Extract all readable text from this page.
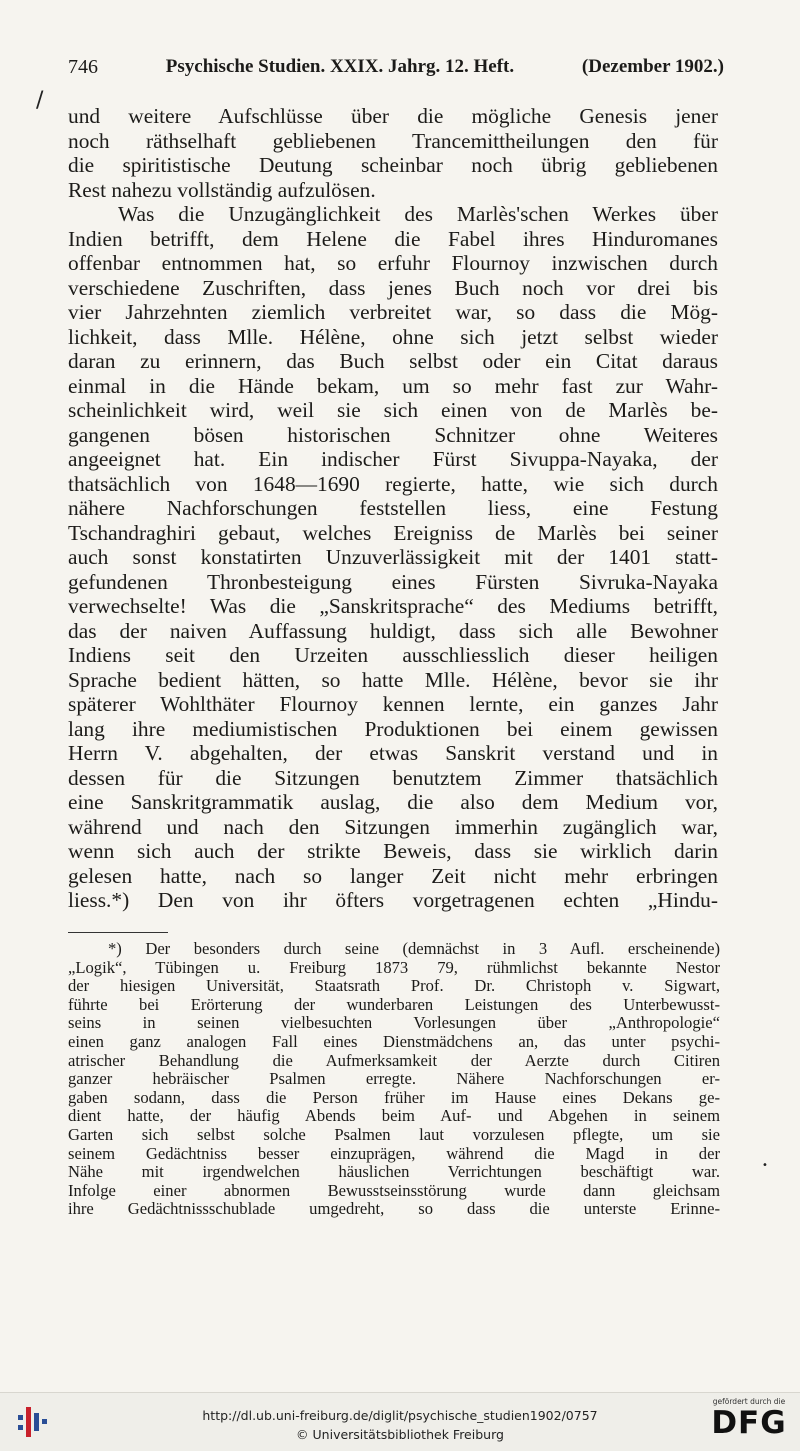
746	Psychische Studien. XXIX. Jahrg. 12. Heft.	(Dezember 1902.)
/
und weitere Aufschlüsse über die mögliche Genesis jener
noch räthselhaft gebliebenen Trancemittheilungen den für
die spiritistische Deutung scheinbar noch übrig gebliebenen
Rest nahezu vollständig aufzulösen.
Was die Unzugänglichkeit des Marlès'schen Werkes über
Indien betrifft, dem Helene die Fabel ihres Hinduromanes
offenbar entnommen hat, so erfuhr Flournoy inzwischen durch
verschiedene Zuschriften, dass jenes Buch noch vor drei bis
vier Jahrzehnten ziemlich verbreitet war, so dass die Mög-
lichkeit, dass Mlle. Hélène, ohne sich jetzt selbst wieder
daran zu erinnern, das Buch selbst oder ein Citat daraus
einmal in die Hände bekam, um so mehr fast zur Wahr-
scheinlichkeit wird, weil sie sich einen von de Marlès be-
gangenen bösen historischen Schnitzer ohne Weiteres
angeeignet hat. Ein indischer Fürst Sivuppa-Nayaka, der
thatsächlich von 1648—1690 regierte, hatte, wie sich durch
nähere Nachforschungen feststellen liess, eine Festung
Tschandraghiri gebaut, welches Ereigniss de Marlès bei seiner
auch sonst konstatirten Unzuverlässigkeit mit der 1401 statt-
gefundenen Thronbesteigung eines Fürsten Sivruka-Nayaka
verwechselte! Was die „Sanskritsprache“ des Mediums betrifft,
das der naiven Auffassung huldigt, dass sich alle Bewohner
Indiens seit den Urzeiten ausschliesslich dieser heiligen
Sprache bedient hätten, so hatte Mlle. Hélène, bevor sie ihr
späterer Wohlthäter Flournoy kennen lernte, ein ganzes Jahr
lang ihre mediumistischen Produktionen bei einem gewissen
Herrn V. abgehalten, der etwas Sanskrit verstand und in
dessen für die Sitzungen benutztem Zimmer thatsächlich
eine Sanskritgrammatik auslag, die also dem Medium vor,
während und nach den Sitzungen immerhin zugänglich war,
wenn sich auch der strikte Beweis, dass sie wirklich darin
gelesen hatte, nach so langer Zeit nicht mehr erbringen
liess.*) Den von ihr öfters vorgetragenen echten „Hindu-
*) Der besonders durch seine (demnächst in 3 Aufl. erscheinende)
„Logik“, Tübingen u. Freiburg 1873 79, rühmlichst bekannte Nestor
der hiesigen Universität, Staatsrath Prof. Dr. Christoph v. Sigwart,
führte bei Erörterung der wunderbaren Leistungen des Unterbewusst-
seins in seinen vielbesuchten Vorlesungen über „Anthropologie“
einen ganz analogen Fall eines Dienstmädchens an, das unter psychi-
atrischer Behandlung die Aufmerksamkeit der Aerzte durch Citiren
ganzer hebräischer Psalmen erregte. Nähere Nachforschungen er-
gaben sodann, dass die Person früher im Hause eines Dekans ge-
dient hatte, der häufig Abends beim Auf- und Abgehen in seinem
Garten sich selbst solche Psalmen laut vorzulesen pflegte, um sie
seinem Gedächtniss besser einzuprägen, während die Magd in der
Nähe mit irgendwelchen häuslichen Verrichtungen beschäftigt war.
Infolge einer abnormen Bewusstseinsstörung wurde dann gleichsam
ihre Gedächtnissschublade umgedreht, so dass die unterste Erinne-
•
http://dl.ub.uni-freiburg.de/diglit/psychische_studien1902/0757
© Universitätsbibliothek Freiburg
gefördert durch die
DFG
